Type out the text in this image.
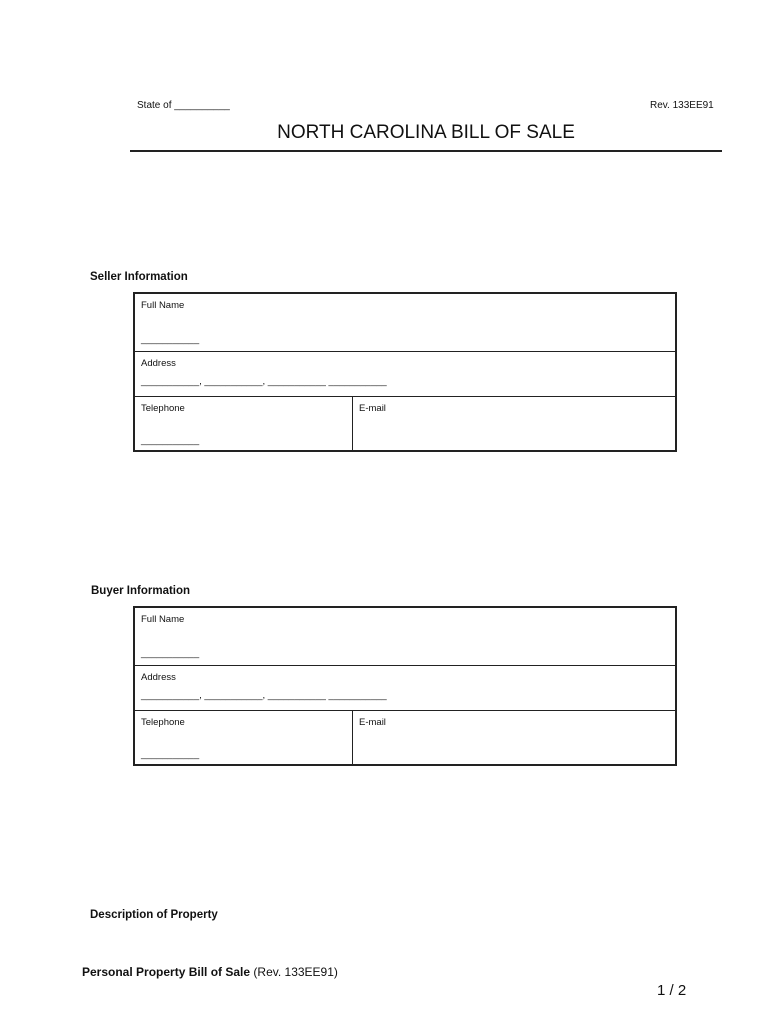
State of __________	Rev. 133EE91
NORTH CAROLINA BILL OF SALE
Seller Information
Full Name
___________
Address
___________, ___________, ___________ ___________
Telephone
___________
E-mail
Buyer Information
Full Name
___________
Address
___________, ___________, ___________ ___________
Telephone
___________
E-mail
Description of Property
Personal Property Bill of Sale (Rev. 133EE91)
1 / 2
